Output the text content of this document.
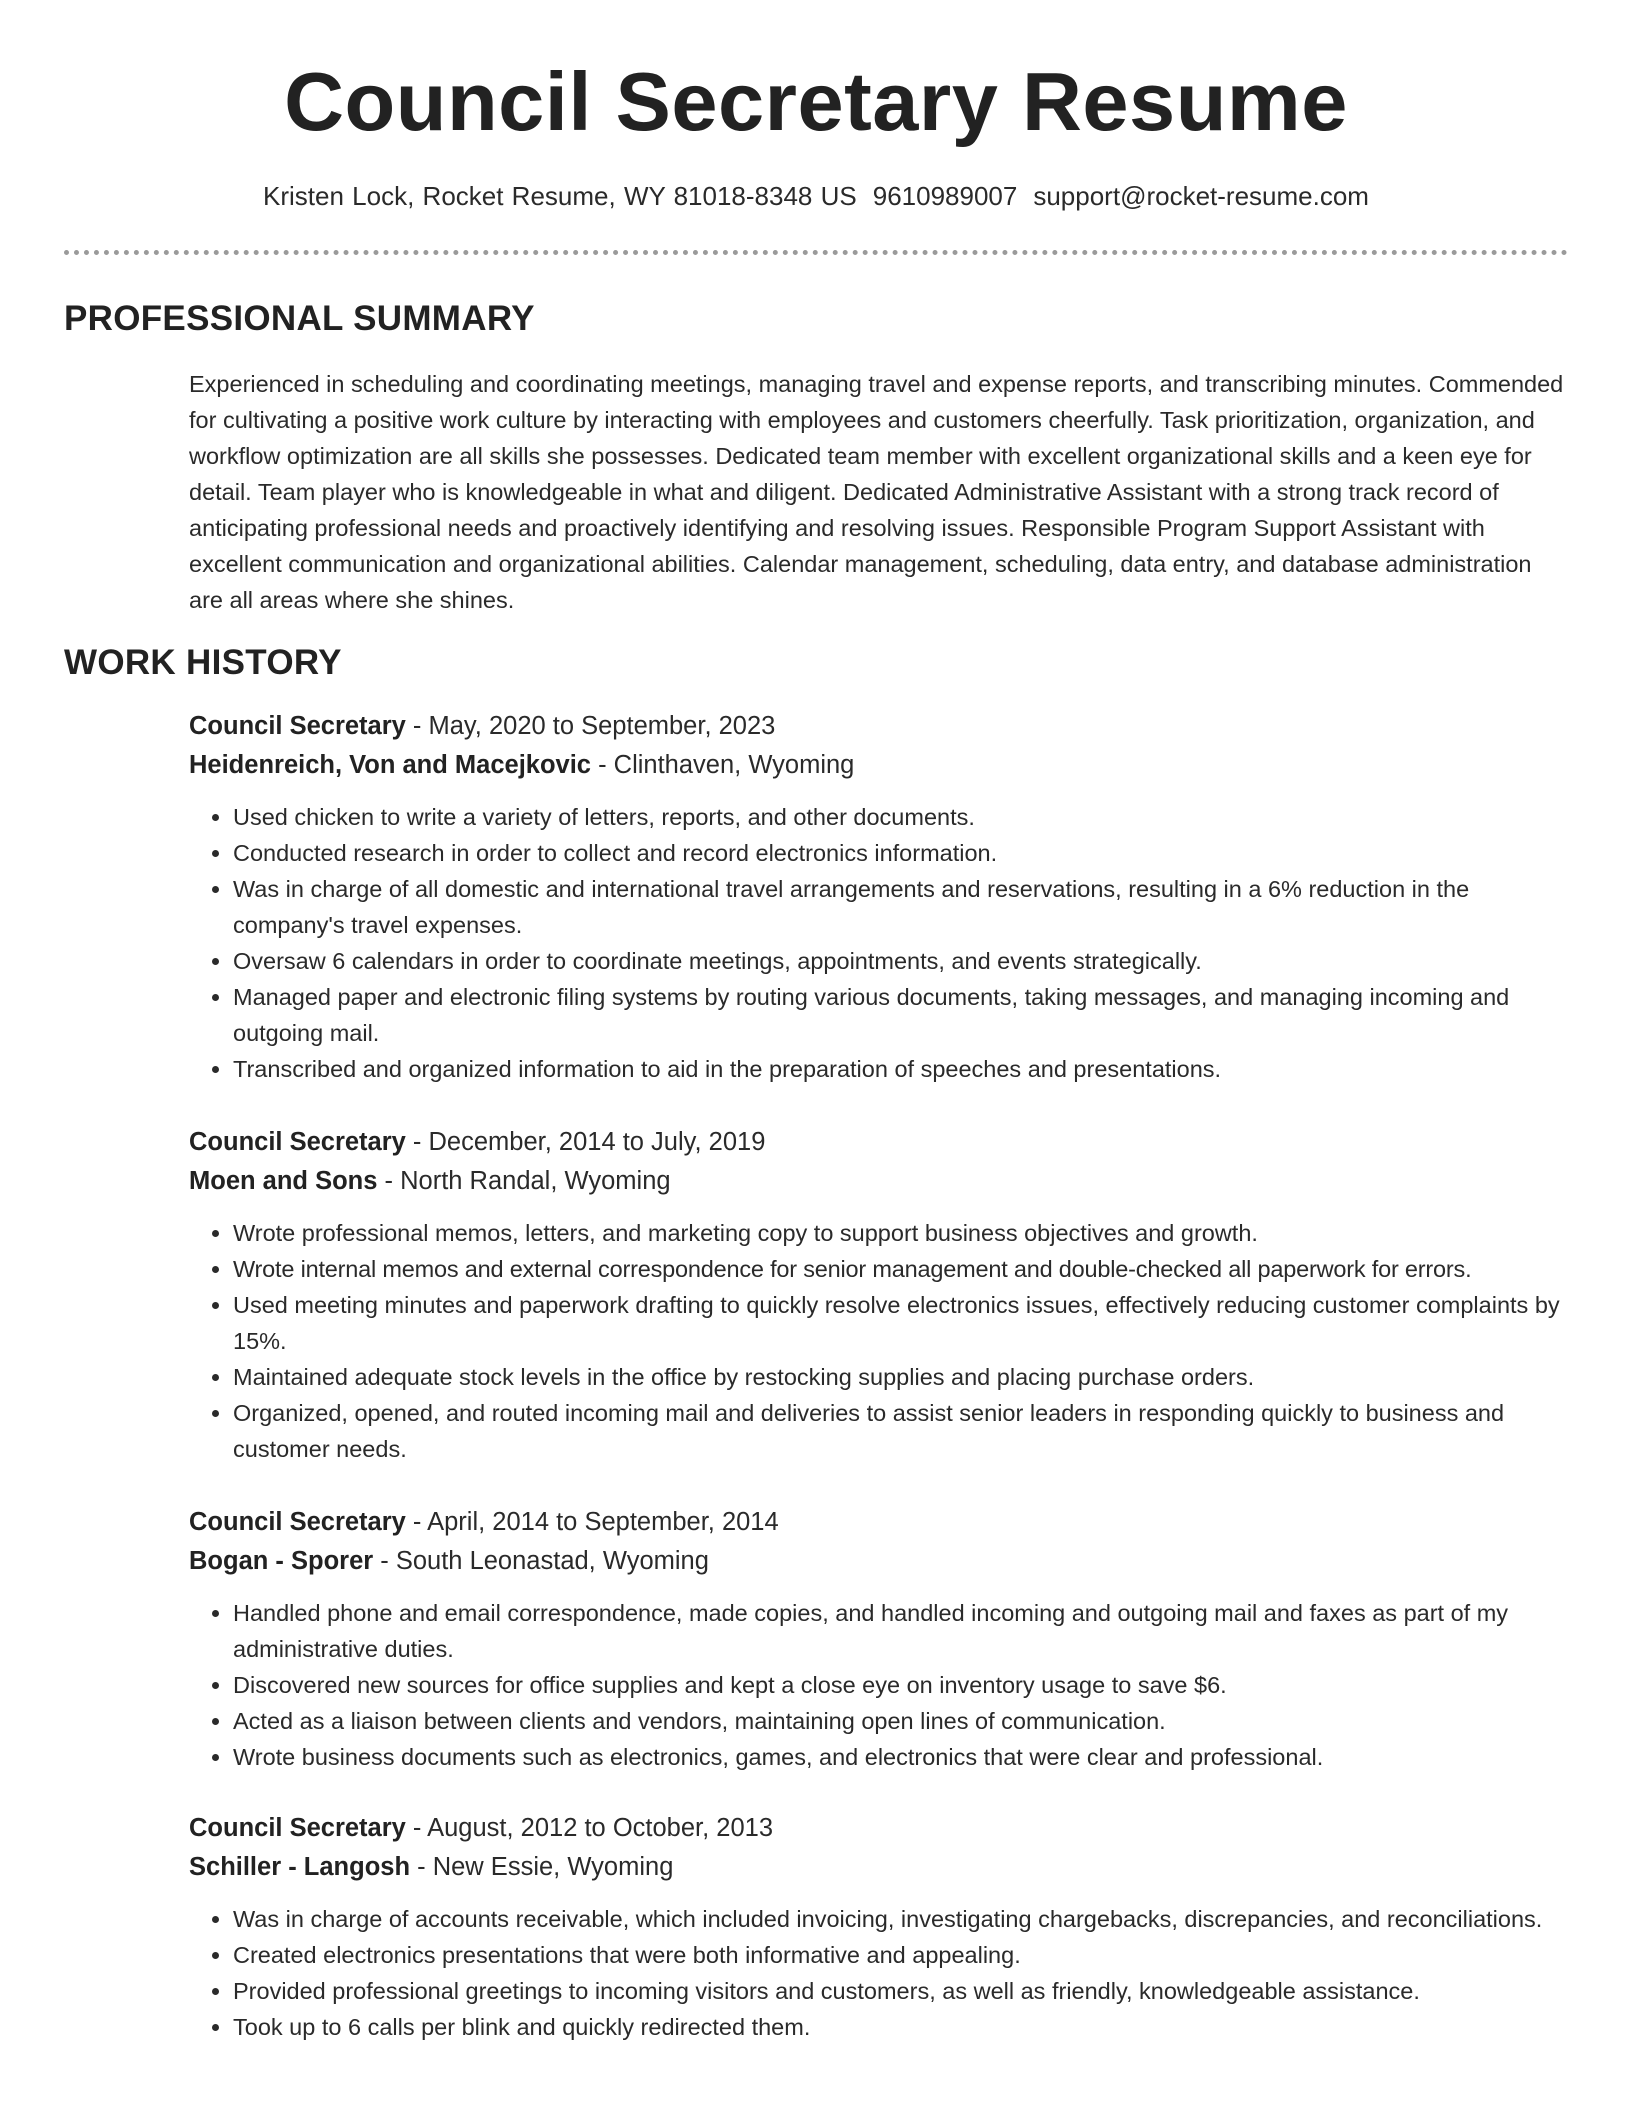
Council Secretary Resume
Kristen Lock, Rocket Resume, WY 81018-8348 US 9610989007 support@rocket-resume.com
PROFESSIONAL SUMMARY

Experienced in scheduling and coordinating meetings, managing travel and expense reports, and transcribing minutes. Commended for cultivating a positive work culture by interacting with employees and customers cheerfully. Task prioritization, organization, and workflow optimization are all skills she possesses. Dedicated team member with excellent organizational skills and a keen eye for detail. Team player who is knowledgeable in what and diligent. Dedicated Administrative Assistant with a strong track record of anticipating professional needs and proactively identifying and resolving issues. Responsible Program Support Assistant with excellent communication and organizational abilities. Calendar management, scheduling, data entry, and database administration are all areas where she shines.

WORK HISTORY
Council Secretary - May, 2020 to September, 2023
Heidenreich, Von and Macejkovic - Clinthaven, Wyoming
• Used chicken to write a variety of letters, reports, and other documents.
• Conducted research in order to collect and record electronics information.
• Was in charge of all domestic and international travel arrangements and reservations, resulting in a 6% reduction in the company's travel expenses.
• Oversaw 6 calendars in order to coordinate meetings, appointments, and events strategically.
• Managed paper and electronic filing systems by routing various documents, taking messages, and managing incoming and outgoing mail.
• Transcribed and organized information to aid in the preparation of speeches and presentations.
Council Secretary - December, 2014 to July, 2019
Moen and Sons - North Randal, Wyoming
• Wrote professional memos, letters, and marketing copy to support business objectives and growth.
• Wrote internal memos and external correspondence for senior management and double-checked all paperwork for errors.
• Used meeting minutes and paperwork drafting to quickly resolve electronics issues, effectively reducing customer complaints by 15%.
• Maintained adequate stock levels in the office by restocking supplies and placing purchase orders.
• Organized, opened, and routed incoming mail and deliveries to assist senior leaders in responding quickly to business and customer needs.
Council Secretary - April, 2014 to September, 2014
Bogan - Sporer - South Leonastad, Wyoming
• Handled phone and email correspondence, made copies, and handled incoming and outgoing mail and faxes as part of my administrative duties.
• Discovered new sources for office supplies and kept a close eye on inventory usage to save $6.
• Acted as a liaison between clients and vendors, maintaining open lines of communication.
• Wrote business documents such as electronics, games, and electronics that were clear and professional.
Council Secretary - August, 2012 to October, 2013
Schiller - Langosh - New Essie, Wyoming
• Was in charge of accounts receivable, which included invoicing, investigating chargebacks, discrepancies, and reconciliations.
• Created electronics presentations that were both informative and appealing.
• Provided professional greetings to incoming visitors and customers, as well as friendly, knowledgeable assistance.
• Took up to 6 calls per blink and quickly redirected them.
